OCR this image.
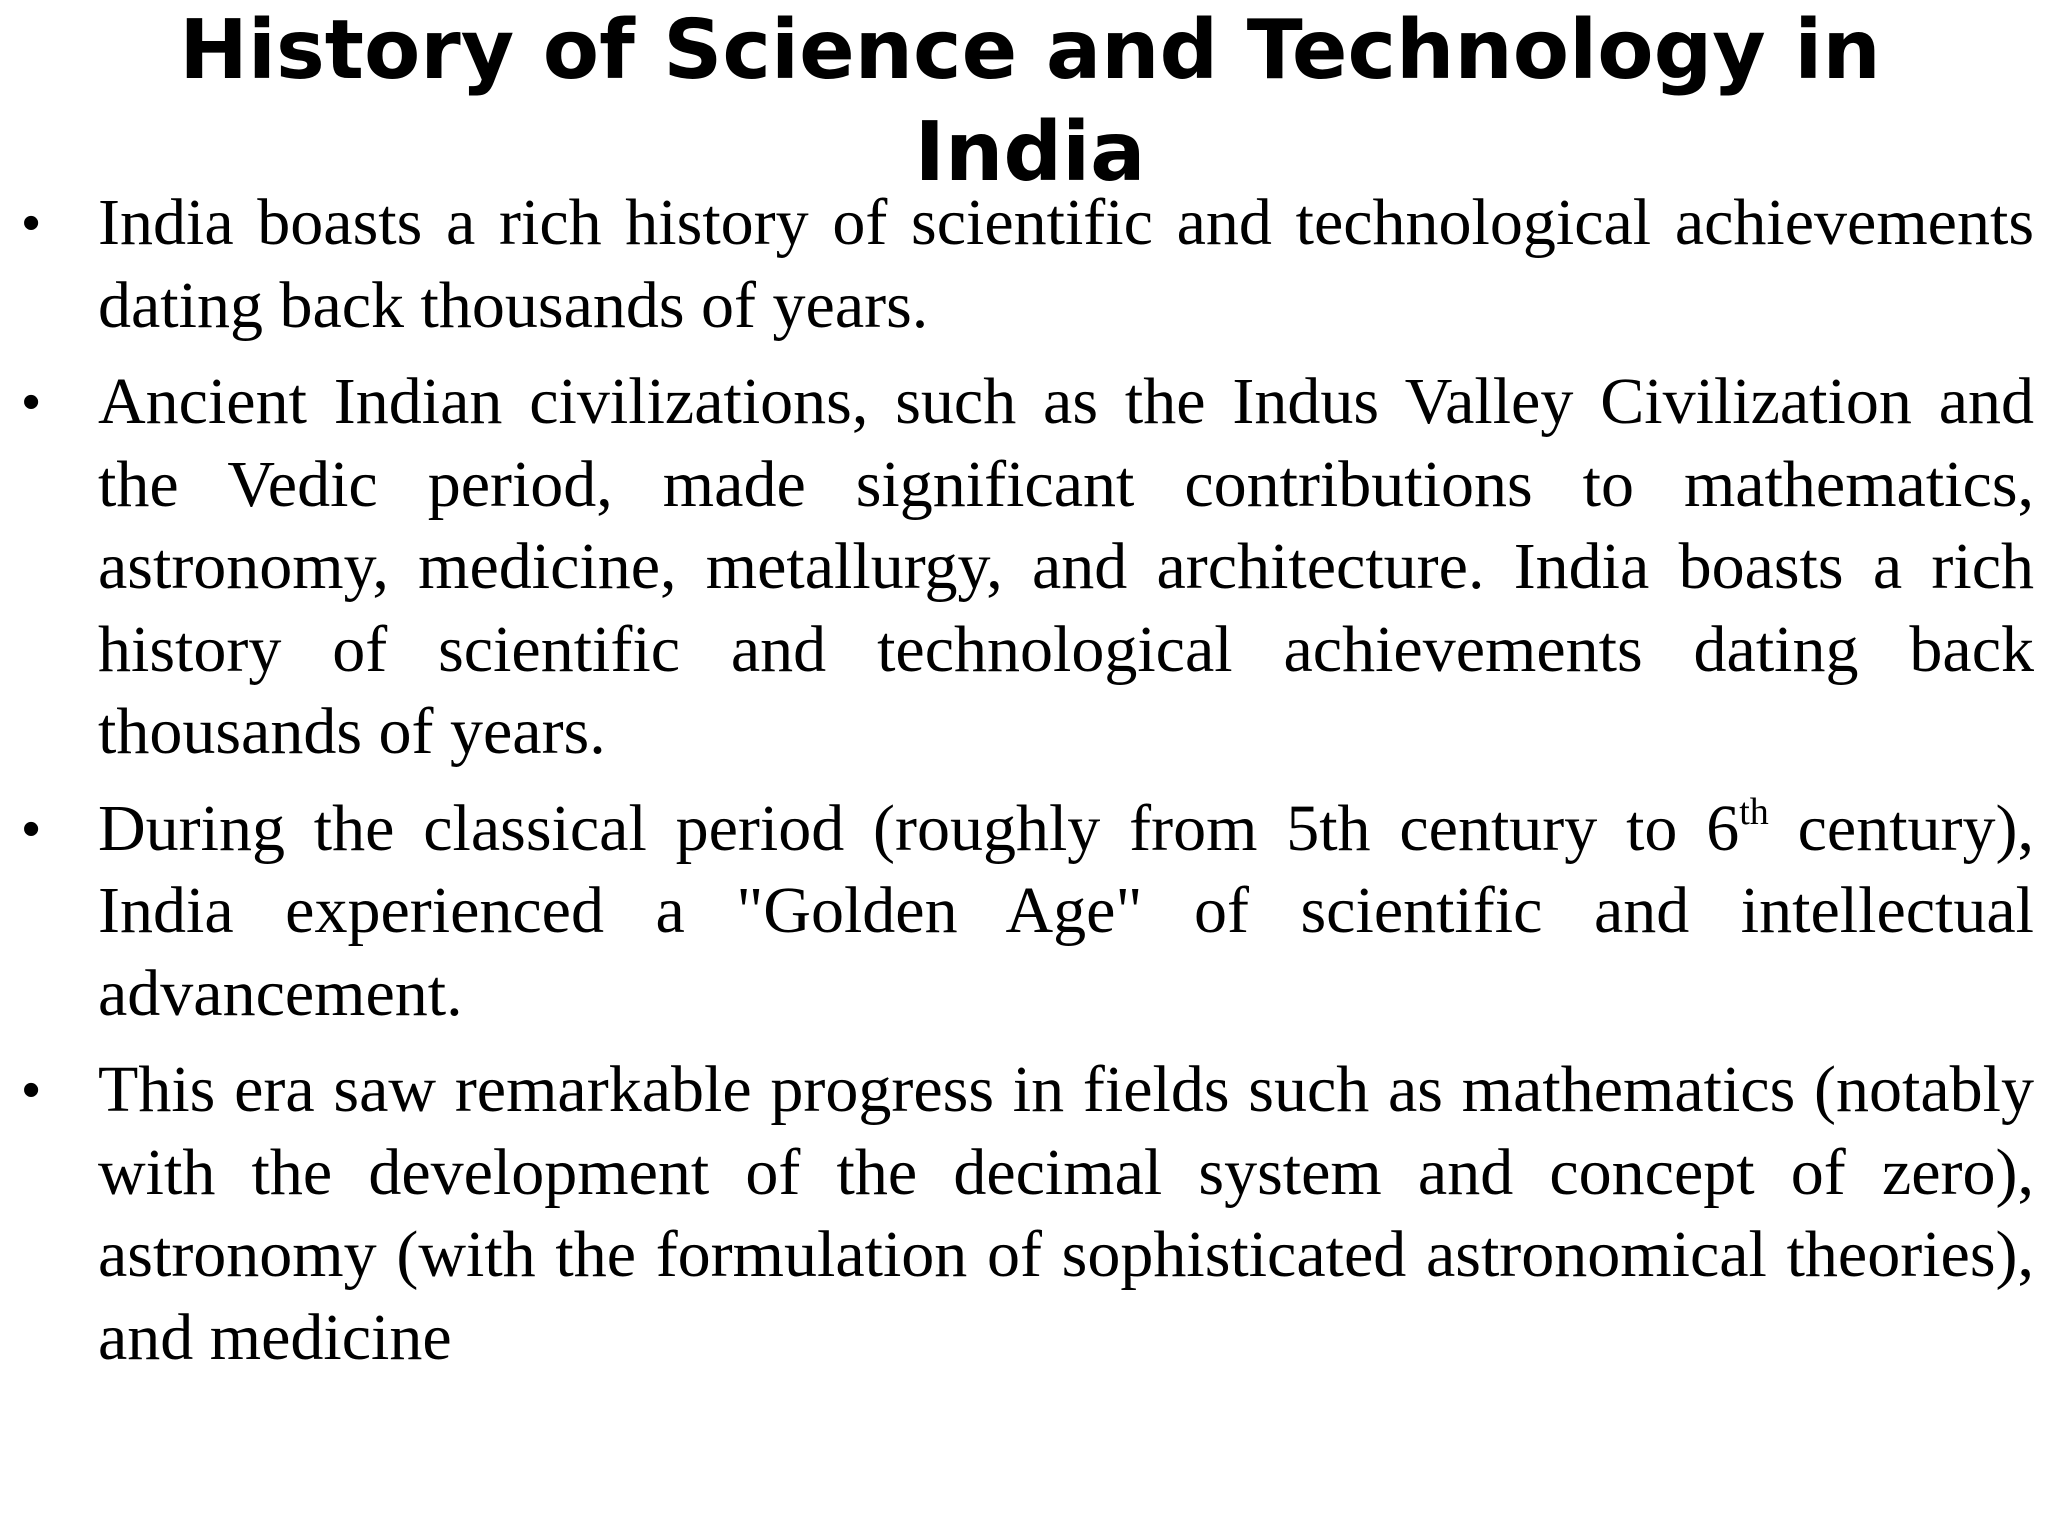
History of Science and Technology in India
• India boasts a rich history of scientific and technological achievements dating back thousands of years.
• Ancient Indian civilizations, such as the Indus Valley Civilization and the Vedic period, made significant contributions to mathematics, astronomy, medicine, metallurgy, and architecture. India boasts a rich history of scientific and technological achievements dating back thousands of years.
• During the classical period (roughly from 5th century to 6th century), India experienced a "Golden Age" of scientific and intellectual advancement.
• This era saw remarkable progress in fields such as mathematics (notably with the development of the decimal system and concept of zero), astronomy (with the formulation of sophisticated astronomical theories), and medicine
